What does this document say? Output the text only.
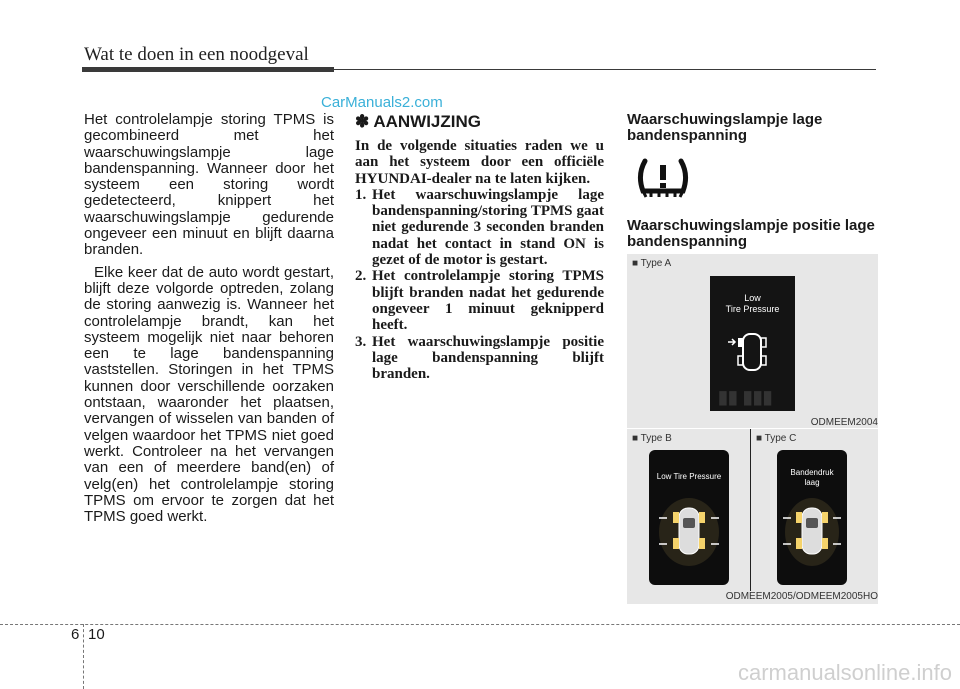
Wat te doen in een noodgeval
CarManuals2.com

Het controlelampje storing TPMS is gecombineerd met het waarschuwingslampje lage bandenspanning. Wanneer door het systeem een storing wordt gedetecteerd, knippert het waarschuwingslampje gedurende ongeveer een minuut en blijft daarna branden.

Elke keer dat de auto wordt gestart, blijft deze volgorde optreden, zolang de storing aanwezig is. Wanneer het controlelampje brandt, kan het systeem mogelijk niet naar behoren een te lage bandenspanning vaststellen. Storingen in het TPMS kunnen door verschillende oorzaken ontstaan, waaronder het plaatsen, vervangen of wisselen van banden of velgen waardoor het TPMS niet goed werkt. Controleer na het vervangen van een of meerdere band(en) of velg(en) het controlelampje storing TPMS om ervoor te zorgen dat het TPMS goed werkt.

✽ AANWIJZING

In de volgende situaties raden we u aan het systeem door een officiële HYUNDAI-dealer na te laten kijken.

1. Het waarschuwingslampje lage bandenspanning/storing TPMS gaat niet gedurende 3 seconden branden nadat het contact in stand ON is gezet of de motor is gestart.
2. Het controlelampje storing TPMS blijft branden nadat het gedurende ongeveer 1 minuut geknipperd heeft.
3. Het waarschuwingslampje positie lage bandenspanning blijft branden.

Waarschuwingslampje lage bandenspanning

Waarschuwingslampje positie lage bandenspanning

■ Type A
Low
Tire Pressure
▮▮ ▮▮▮
ODMEEM2004
■ Type B	■ Type C
Low Tire Pressure	Bandendruk
laag
ODMEEM2005/ODMEEM2005HO
6 10
carmanualsonline.info
